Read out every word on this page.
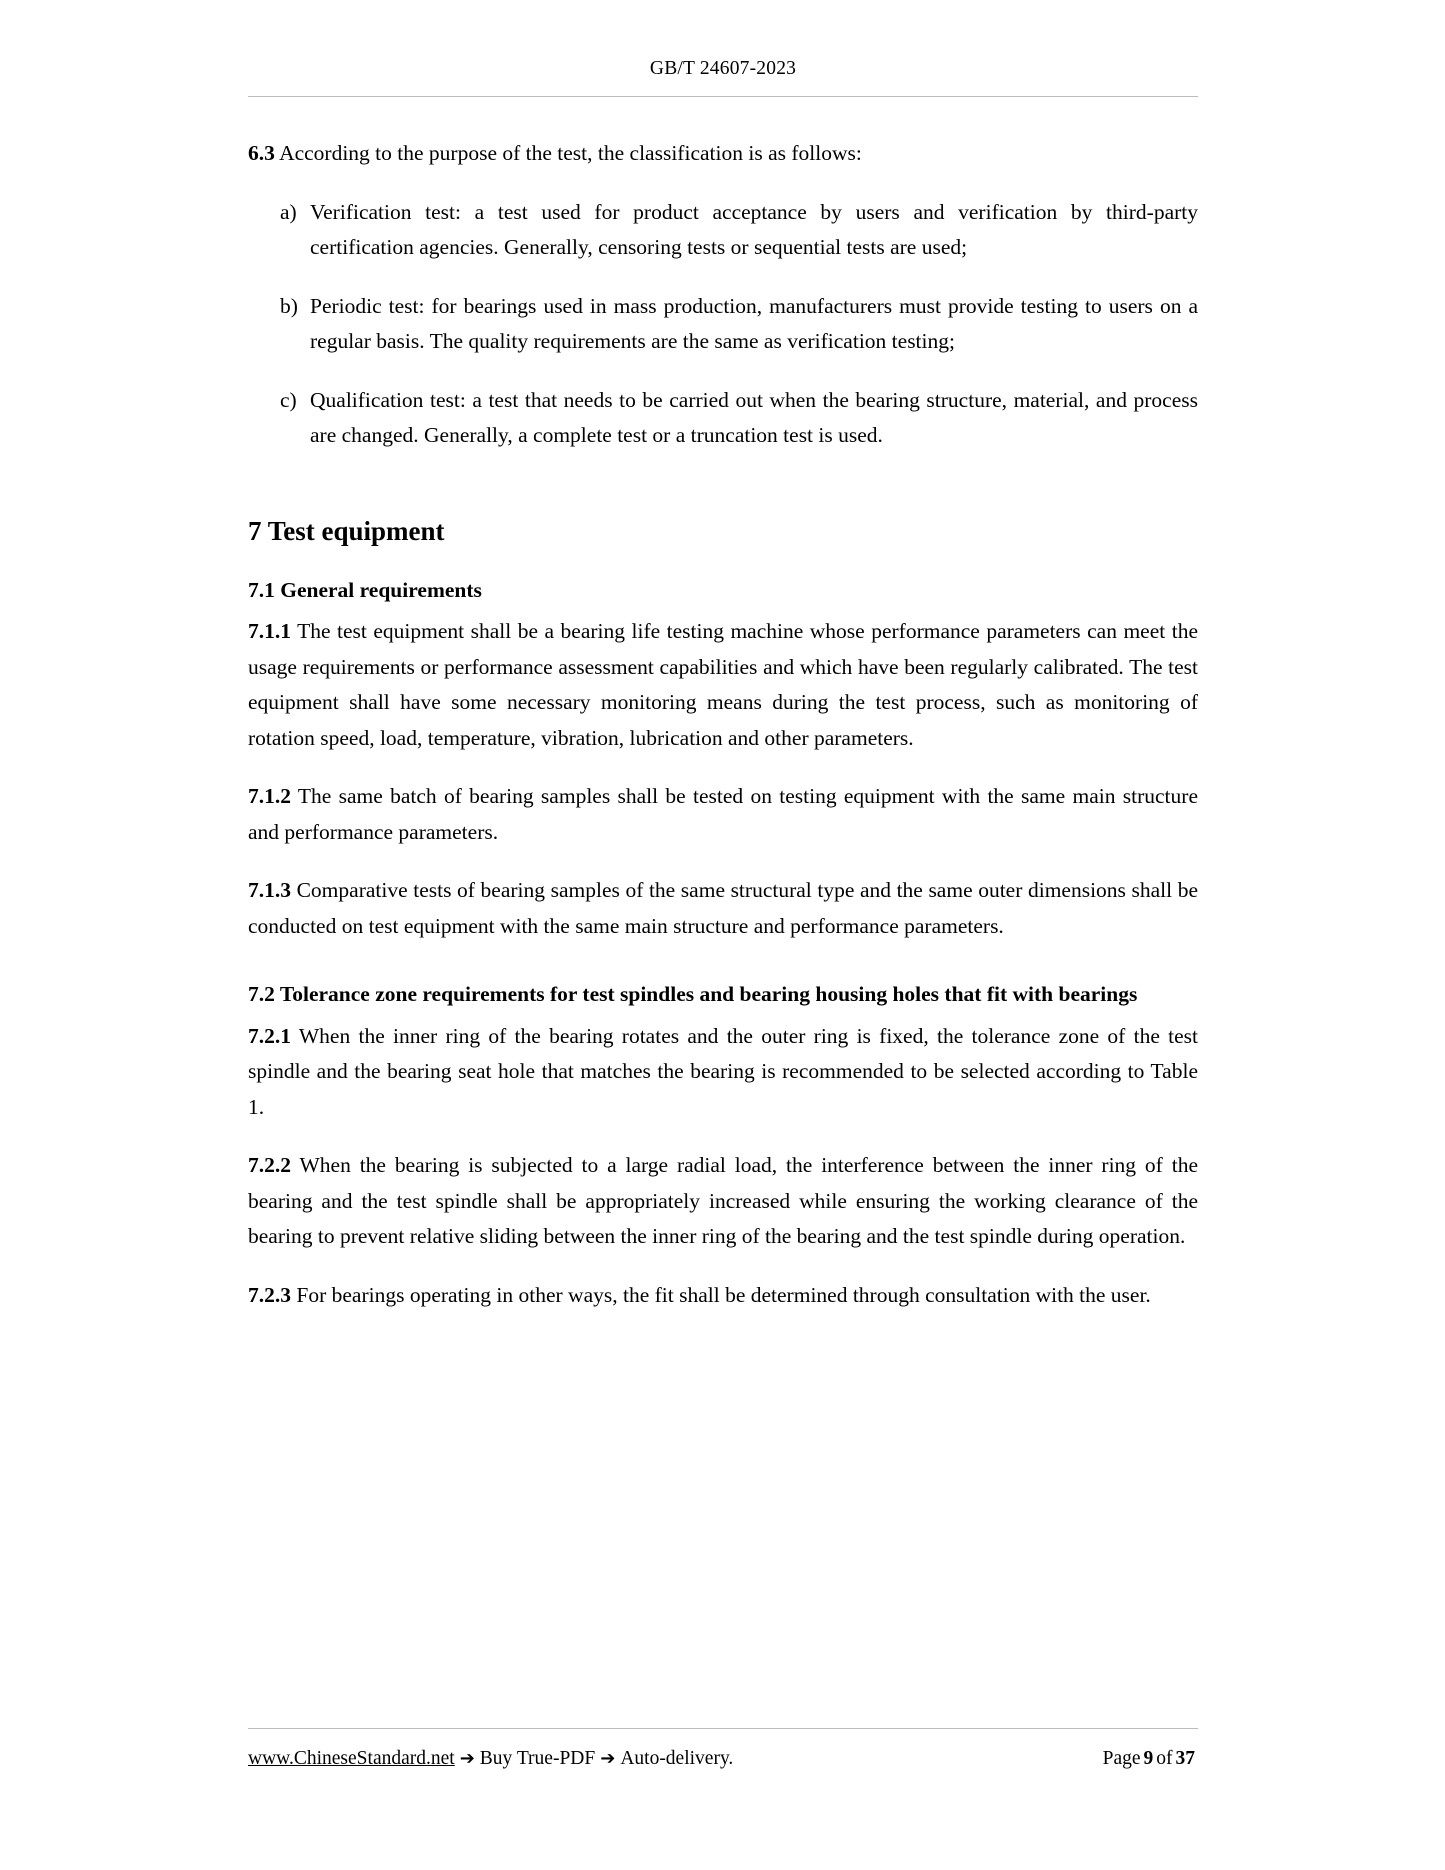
GB/T 24607-2023

6.3 According to the purpose of the test, the classification is as follows:

a) Verification test: a test used for product acceptance by users and verification by third-party certification agencies. Generally, censoring tests or sequential tests are used;
b) Periodic test: for bearings used in mass production, manufacturers must provide testing to users on a regular basis. The quality requirements are the same as verification testing;
c) Qualification test: a test that needs to be carried out when the bearing structure, material, and process are changed. Generally, a complete test or a truncation test is used.
7 Test equipment
7.1 General requirements

7.1.1 The test equipment shall be a bearing life testing machine whose performance parameters can meet the usage requirements or performance assessment capabilities and which have been regularly calibrated. The test equipment shall have some necessary monitoring means during the test process, such as monitoring of rotation speed, load, temperature, vibration, lubrication and other parameters.

7.1.2 The same batch of bearing samples shall be tested on testing equipment with the same main structure and performance parameters.

7.1.3 Comparative tests of bearing samples of the same structural type and the same outer dimensions shall be conducted on test equipment with the same main structure and performance parameters.

7.2 Tolerance zone requirements for test spindles and bearing housing holes that fit with bearings

7.2.1 When the inner ring of the bearing rotates and the outer ring is fixed, the tolerance zone of the test spindle and the bearing seat hole that matches the bearing is recommended to be selected according to Table 1.

7.2.2 When the bearing is subjected to a large radial load, the interference between the inner ring of the bearing and the test spindle shall be appropriately increased while ensuring the working clearance of the bearing to prevent relative sliding between the inner ring of the bearing and the test spindle during operation.

7.2.3 For bearings operating in other ways, the fit shall be determined through consultation with the user.

www.ChineseStandard.net ➔ Buy True-PDF ➔ Auto-delivery.	Page 9 of 37
